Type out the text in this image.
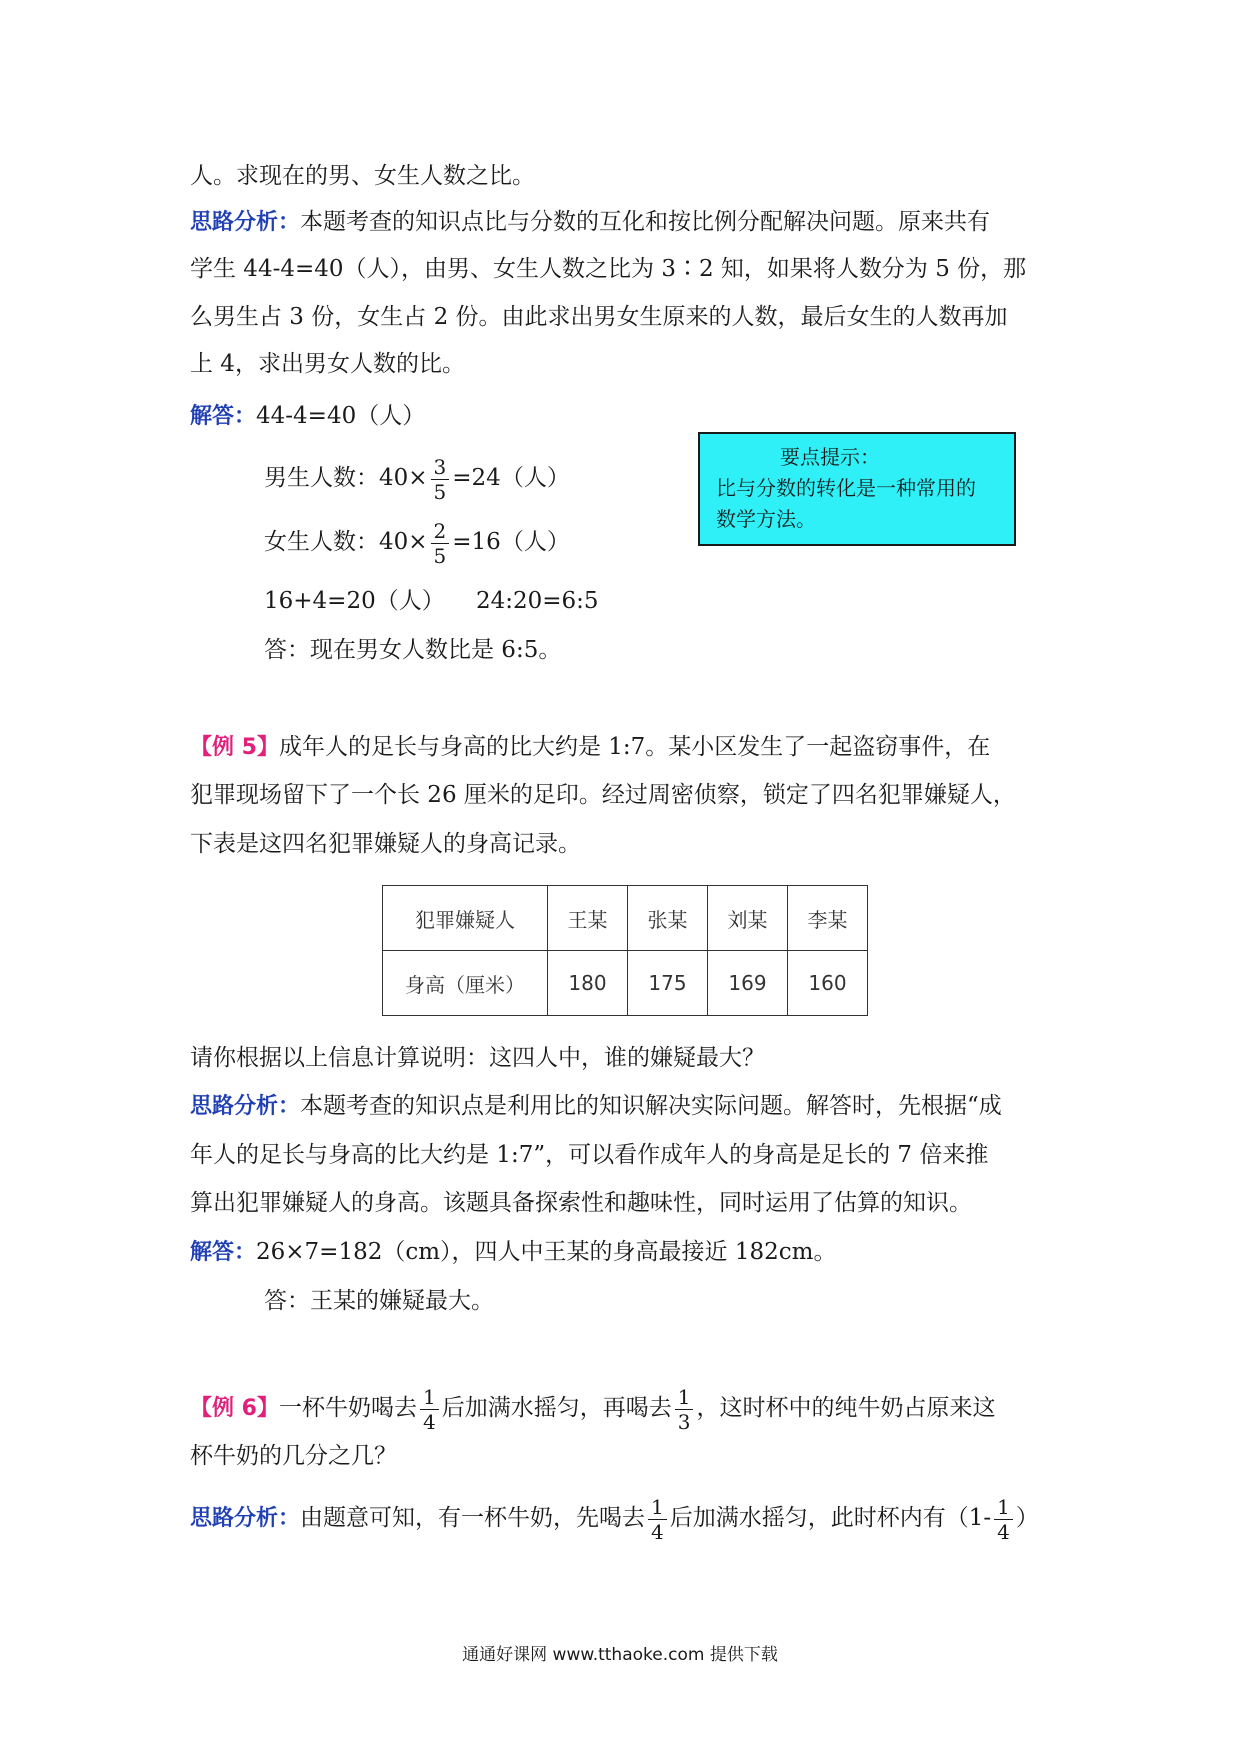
人。求现在的男、女生人数之比。
思路分析：本题考查的知识点比与分数的互化和按比例分配解决问题。原来共有
学生 44-4=40（人），由男、女生人数之比为 3∶2 知，如果将人数分为 5 份，那
么男生占 3 份，女生占 2 份。由此求出男女生原来的人数，最后女生的人数再加
上 4，求出男女人数的比。
解答：44-4=40（人）
男生人数：$40\times \frac{3}{5} =24$（人）
女生人数：$40\times \frac{2}{5} =16$（人）
16+4=20（人） 24:20=6:5
答：现在男女人数比是 6:5。
要点提示：
比与分数的转化是一种常用的
数学方法。
【例 5】成年人的足长与身高的比大约是 1:7。某小区发生了一起盗窃事件，在
犯罪现场留下了一个长 26 厘米的足印。经过周密侦察，锁定了四名犯罪嫌疑人，
下表是这四名犯罪嫌疑人的身高记录。
犯罪嫌疑人	王某	张某	刘某	李某
身高（厘米）	180	175	169	160
请你根据以上信息计算说明：这四人中，谁的嫌疑最大？
思路分析：本题考查的知识点是利用比的知识解决实际问题。解答时，先根据“成
年人的足长与身高的比大约是 1:7”，可以看作成年人的身高是足长的 7 倍来推
算出犯罪嫌疑人的身高。该题具备探索性和趣味性，同时运用了估算的知识。
解答：26×7=182（cm），四人中王某的身高最接近 182cm。
答：王某的嫌疑最大。
【例 6】一杯牛奶喝去 $\frac{1}{4}$ 后加满水摇匀，再喝去 $\frac{1}{3}$ ，这时杯中的纯牛奶占原来这
杯牛奶的几分之几？
思路分析：由题意可知，有一杯牛奶，先喝去 $\frac{1}{4}$ 后加满水摇匀，此时杯内有（$1- \frac{1}{4}$ ）
通通好课网 www.tthaoke.com 提供下载
